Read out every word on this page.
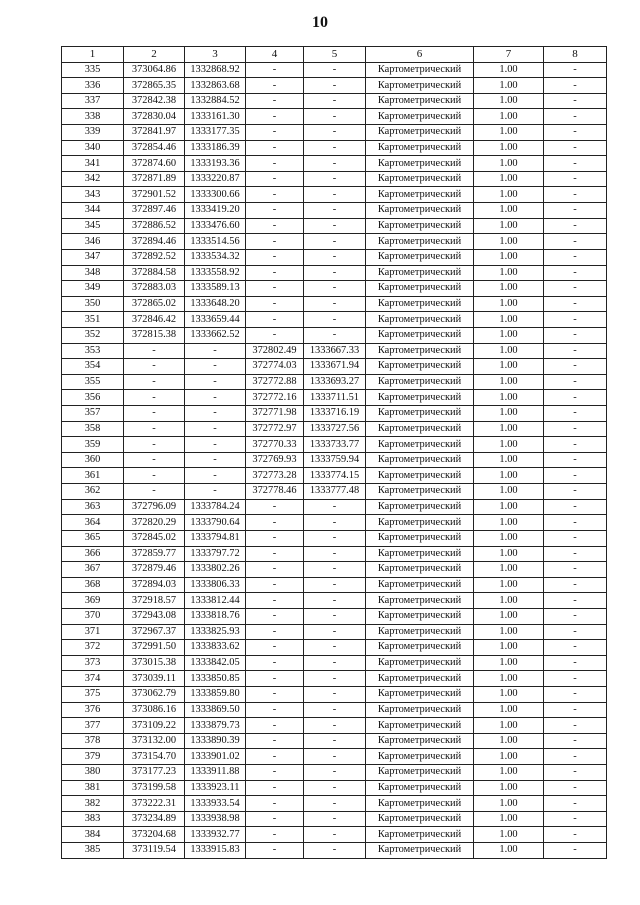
10
1	2	3	4	5	6	7	8
335	373064.86	1332868.92	-	-	Картометрический	1.00	-
336	372865.35	1332863.68	-	-	Картометрический	1.00	-
337	372842.38	1332884.52	-	-	Картометрический	1.00	-
338	372830.04	1333161.30	-	-	Картометрический	1.00	-
339	372841.97	1333177.35	-	-	Картометрический	1.00	-
340	372854.46	1333186.39	-	-	Картометрический	1.00	-
341	372874.60	1333193.36	-	-	Картометрический	1.00	-
342	372871.89	1333220.87	-	-	Картометрический	1.00	-
343	372901.52	1333300.66	-	-	Картометрический	1.00	-
344	372897.46	1333419.20	-	-	Картометрический	1.00	-
345	372886.52	1333476.60	-	-	Картометрический	1.00	-
346	372894.46	1333514.56	-	-	Картометрический	1.00	-
347	372892.52	1333534.32	-	-	Картометрический	1.00	-
348	372884.58	1333558.92	-	-	Картометрический	1.00	-
349	372883.03	1333589.13	-	-	Картометрический	1.00	-
350	372865.02	1333648.20	-	-	Картометрический	1.00	-
351	372846.42	1333659.44	-	-	Картометрический	1.00	-
352	372815.38	1333662.52	-	-	Картометрический	1.00	-
353	-	-	372802.49	1333667.33	Картометрический	1.00	-
354	-	-	372774.03	1333671.94	Картометрический	1.00	-
355	-	-	372772.88	1333693.27	Картометрический	1.00	-
356	-	-	372772.16	1333711.51	Картометрический	1.00	-
357	-	-	372771.98	1333716.19	Картометрический	1.00	-
358	-	-	372772.97	1333727.56	Картометрический	1.00	-
359	-	-	372770.33	1333733.77	Картометрический	1.00	-
360	-	-	372769.93	1333759.94	Картометрический	1.00	-
361	-	-	372773.28	1333774.15	Картометрический	1.00	-
362	-	-	372778.46	1333777.48	Картометрический	1.00	-
363	372796.09	1333784.24	-	-	Картометрический	1.00	-
364	372820.29	1333790.64	-	-	Картометрический	1.00	-
365	372845.02	1333794.81	-	-	Картометрический	1.00	-
366	372859.77	1333797.72	-	-	Картометрический	1.00	-
367	372879.46	1333802.26	-	-	Картометрический	1.00	-
368	372894.03	1333806.33	-	-	Картометрический	1.00	-
369	372918.57	1333812.44	-	-	Картометрический	1.00	-
370	372943.08	1333818.76	-	-	Картометрический	1.00	-
371	372967.37	1333825.93	-	-	Картометрический	1.00	-
372	372991.50	1333833.62	-	-	Картометрический	1.00	-
373	373015.38	1333842.05	-	-	Картометрический	1.00	-
374	373039.11	1333850.85	-	-	Картометрический	1.00	-
375	373062.79	1333859.80	-	-	Картометрический	1.00	-
376	373086.16	1333869.50	-	-	Картометрический	1.00	-
377	373109.22	1333879.73	-	-	Картометрический	1.00	-
378	373132.00	1333890.39	-	-	Картометрический	1.00	-
379	373154.70	1333901.02	-	-	Картометрический	1.00	-
380	373177.23	1333911.88	-	-	Картометрический	1.00	-
381	373199.58	1333923.11	-	-	Картометрический	1.00	-
382	373222.31	1333933.54	-	-	Картометрический	1.00	-
383	373234.89	1333938.98	-	-	Картометрический	1.00	-
384	373204.68	1333932.77	-	-	Картометрический	1.00	-
385	373119.54	1333915.83	-	-	Картометрический	1.00	-
